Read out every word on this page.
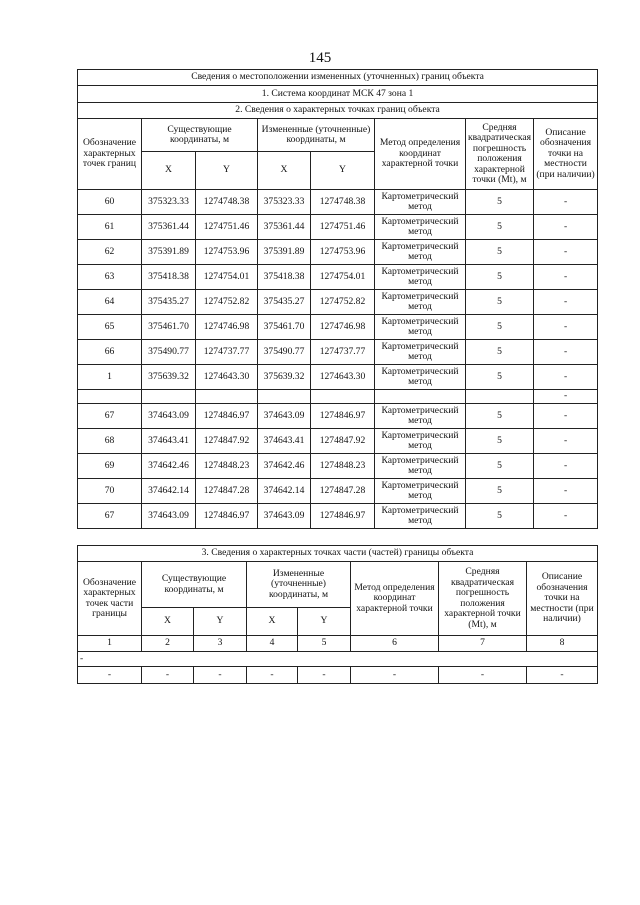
145
Сведения о местоположении измененных (уточненных) границ объекта							
1. Система координат МСК 47 зона 1							
2. Сведения о характерных точках границ объекта							
Обозначение характерных точек границ	Существующие координаты, м		Измененные (уточненные) координаты, м		Метод определения координат характерной точки	Средняя квадратическая погрешность положения характерной точки (Mt), м	Описание обозначения точки на местности (при наличии)
	X	Y	X	Y			
60	375323.33	1274748.38	375323.33	1274748.38	Картометрический метод	5	-
61	375361.44	1274751.46	375361.44	1274751.46	Картометрический метод	5	-
62	375391.89	1274753.96	375391.89	1274753.96	Картометрический метод	5	-
63	375418.38	1274754.01	375418.38	1274754.01	Картометрический метод	5	-
64	375435.27	1274752.82	375435.27	1274752.82	Картометрический метод	5	-
65	375461.70	1274746.98	375461.70	1274746.98	Картометрический метод	5	-
66	375490.77	1274737.77	375490.77	1274737.77	Картометрический метод	5	-
1	375639.32	1274643.30	375639.32	1274643.30	Картометрический метод	5	-
							-
67	374643.09	1274846.97	374643.09	1274846.97	Картометрический метод	5	-
68	374643.41	1274847.92	374643.41	1274847.92	Картометрический метод	5	-
69	374642.46	1274848.23	374642.46	1274848.23	Картометрический метод	5	-
70	374642.14	1274847.28	374642.14	1274847.28	Картометрический метод	5	-
67	374643.09	1274846.97	374643.09	1274846.97	Картометрический метод	5	-
3. Сведения о характерных точках части (частей) границы объекта							
Обозначение характерных точек части границы	Существующие координаты, м		Измененные (уточненные) координаты, м		Метод определения координат характерной точки	Средняя квадратическая погрешность положения характерной точки (Mt), м	Описание обозначения точки на местности (при наличии)
	X	Y	X	Y			
1	2	3	4	5	6	7	8
-							
-	-	-	-	-	-	-	-
